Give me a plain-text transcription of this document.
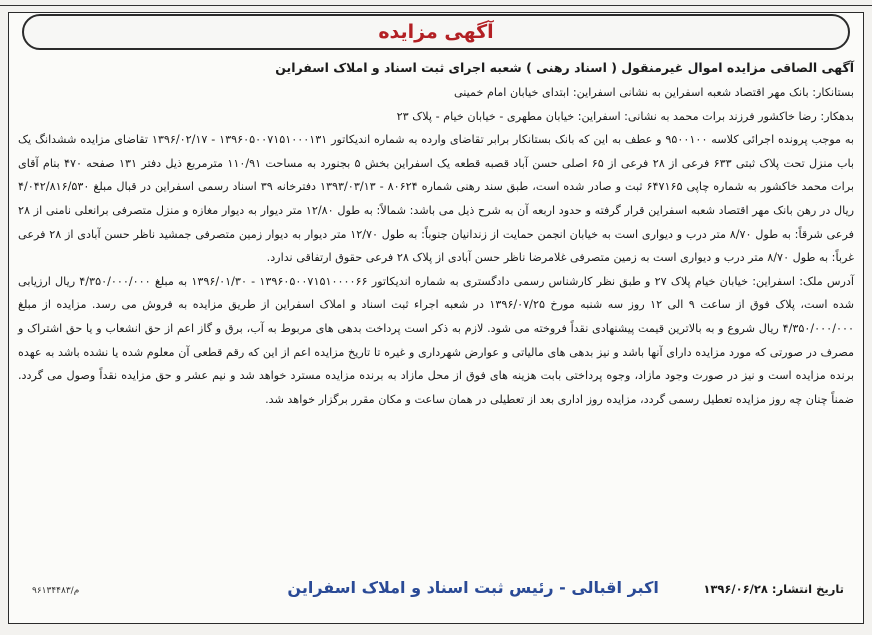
آگهی مزایده

آگهی الصاقی مزایده اموال غیرمنقول ( اسناد رهنی ) شعبه اجرای ثبت اسناد و املاک اسفراین

بستانکار: بانک مهر اقتصاد شعبه اسفراین به نشانی اسفراین: ابتدای خیابان امام خمینی

بدهکار: رضا خاکشور فرزند برات محمد به نشانی: اسفراین: خیابان مطهری - خیابان خیام - پلاک ۲۳

به موجب پرونده اجرائی کلاسه ۹۵۰۰۱۰۰ و عطف به این که بانک بستانکار برابر تقاضای وارده به شماره اندیکاتور ۱۳۹۶۰۵۰۰۷۱۵۱۰۰۰۱۳۱ - ۱۳۹۶/۰۲/۱۷ تقاضای مزایده ششدانگ یک باب منزل تحت پلاک ثبتی ۶۳۳ فرعی از ۲۸ فرعی از ۶۵ اصلی حسن آباد قصبه قطعه یک اسفراین بخش ۵ بجنورد به مساحت ۱۱۰/۹۱ مترمربع ذیل دفتر ۱۳۱ صفحه ۴۷۰ بنام آقای برات محمد خاکشور به شماره چاپی ۶۴۷۱۶۵ ثبت و صادر شده است، طبق سند رهنی شماره ۸۰۶۲۴ - ۱۳۹۳/۰۳/۱۳ دفترخانه ۳۹ اسناد رسمی اسفراین در قبال مبلغ ۴/۰۴۲/۸۱۶/۵۳۰ ریال در رهن بانک مهر اقتصاد شعبه اسفراین قرار گرفته و حدود اربعه آن به شرح ذیل می باشد: شمالاً: به طول ۱۲/۸۰ متر دیوار به دیوار مغازه و منزل متصرفی برانعلی نامنی از ۲۸ فرعی شرقاً: به طول ۸/۷۰ متر درب و دیواری است به خیابان انجمن حمایت از زندانیان جنوباً: به طول ۱۲/۷۰ متر دیوار به دیوار زمین متصرفی جمشید ناظر حسن آبادی از ۲۸ فرعی غرباً: به طول ۸/۷۰ متر درب و دیواری است به زمین متصرفی غلامرضا ناظر حسن آبادی از پلاک ۲۸ فرعی حقوق ارتفاقی ندارد.

آدرس ملک: اسفراین: خیابان خیام پلاک ۲۷ و طبق نظر کارشناس رسمی دادگستری به شماره اندیکاتور ۱۳۹۶۰۵۰۰۷۱۵۱۰۰۰۰۶۶ - ۱۳۹۶/۰۱/۳۰ به مبلغ ۴/۳۵۰/۰۰۰/۰۰۰ ریال ارزیابی شده است، پلاک فوق از ساعت ۹ الی ۱۲ روز سه شنبه مورخ ۱۳۹۶/۰۷/۲۵ در شعبه اجراء ثبت اسناد و املاک اسفراین از طریق مزایده به فروش می رسد. مزایده از مبلغ ۴/۳۵۰/۰۰۰/۰۰۰ ریال شروع و به بالاترین قیمت پیشنهادی نقداً فروخته می شود. لازم به ذکر است پرداخت بدهی های مربوط به آب، برق و گاز اعم از حق انشعاب و یا حق اشتراک و مصرف در صورتی که مورد مزایده دارای آنها باشد و نیز بدهی های مالیاتی و عوارض شهرداری و غیره تا تاریخ مزایده اعم از این که رقم قطعی آن معلوم شده یا نشده باشد به عهده برنده مزایده است و نیز در صورت وجود مازاد، وجوه پرداختی بابت هزینه های فوق از محل مازاد به برنده مزایده مسترد خواهد شد و نیم عشر و حق مزایده نقداً وصول می گردد. ضمناً چنان چه روز مزایده تعطیل رسمی گردد، مزایده روز اداری بعد از تعطیلی در همان ساعت و مکان مقرر برگزار خواهد شد.

تاریخ انتشار: ۱۳۹۶/۰۶/۲۸
اکبر اقبالی - رئیس ثبت اسناد و املاک اسفراین
م/۹۶۱۳۴۴۸۳
